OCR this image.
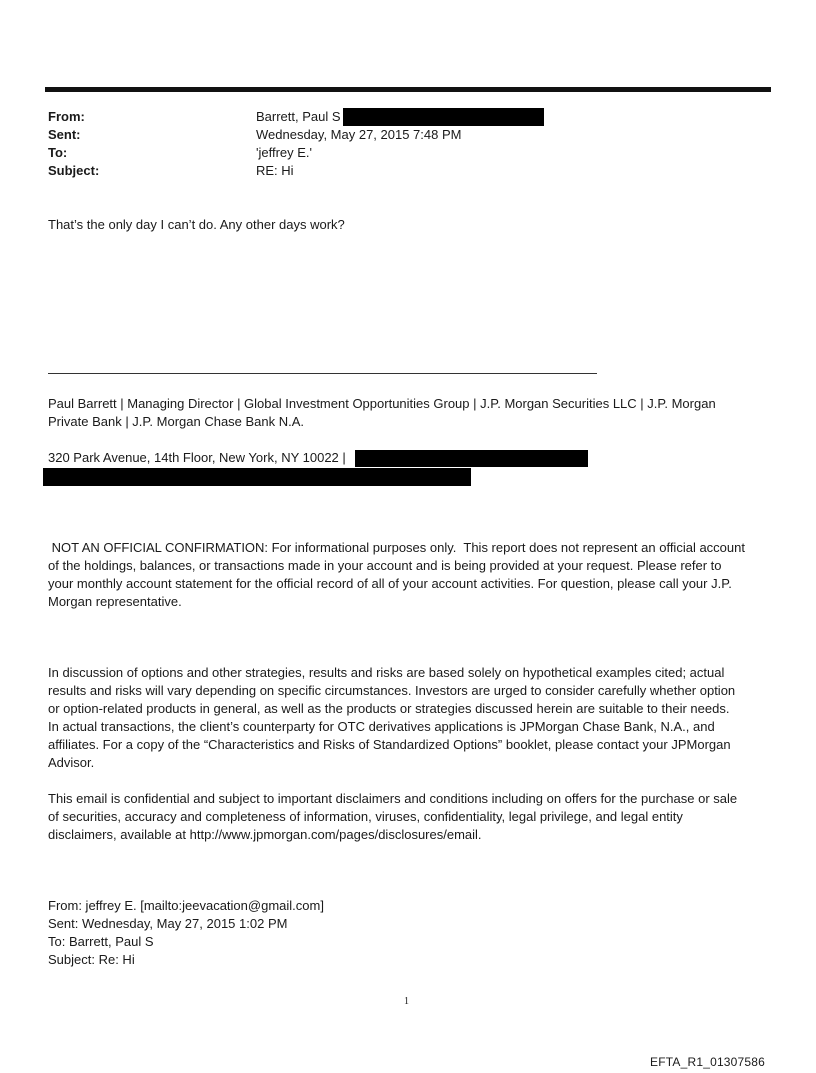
From:	Barrett, Paul S
Sent:	Wednesday, May 27, 2015 7:48 PM
To:	'jeffrey E.'
Subject:	RE: Hi
That’s the only day I can’t do. Any other days work?
Paul Barrett | Managing Director | Global Investment Opportunities Group | J.P. Morgan Securities LLC | J.P. Morgan
Private Bank | J.P. Morgan Chase Bank N.A.
320 Park Avenue, 14th Floor, New York, NY 10022 |
NOT AN OFFICIAL CONFIRMATION: For informational purposes only.  This report does not represent an official account
of the holdings, balances, or transactions made in your account and is being provided at your request. Please refer to
your monthly account statement for the official record of all of your account activities. For question, please call your J.P.
Morgan representative.
In discussion of options and other strategies, results and risks are based solely on hypothetical examples cited; actual
results and risks will vary depending on specific circumstances. Investors are urged to consider carefully whether option
or option-related products in general, as well as the products or strategies discussed herein are suitable to their needs.
In actual transactions, the client’s counterparty for OTC derivatives applications is JPMorgan Chase Bank, N.A., and
affiliates. For a copy of the “Characteristics and Risks of Standardized Options” booklet, please contact your JPMorgan
Advisor.
This email is confidential and subject to important disclaimers and conditions including on offers for the purchase or sale
of securities, accuracy and completeness of information, viruses, confidentiality, legal privilege, and legal entity
disclaimers, available at http://www.jpmorgan.com/pages/disclosures/email.
From: jeffrey E. [mailto:jeevacation@gmail.com]
Sent: Wednesday, May 27, 2015 1:02 PM
To: Barrett, Paul S
Subject: Re: Hi
1
EFTA_R1_01307586
